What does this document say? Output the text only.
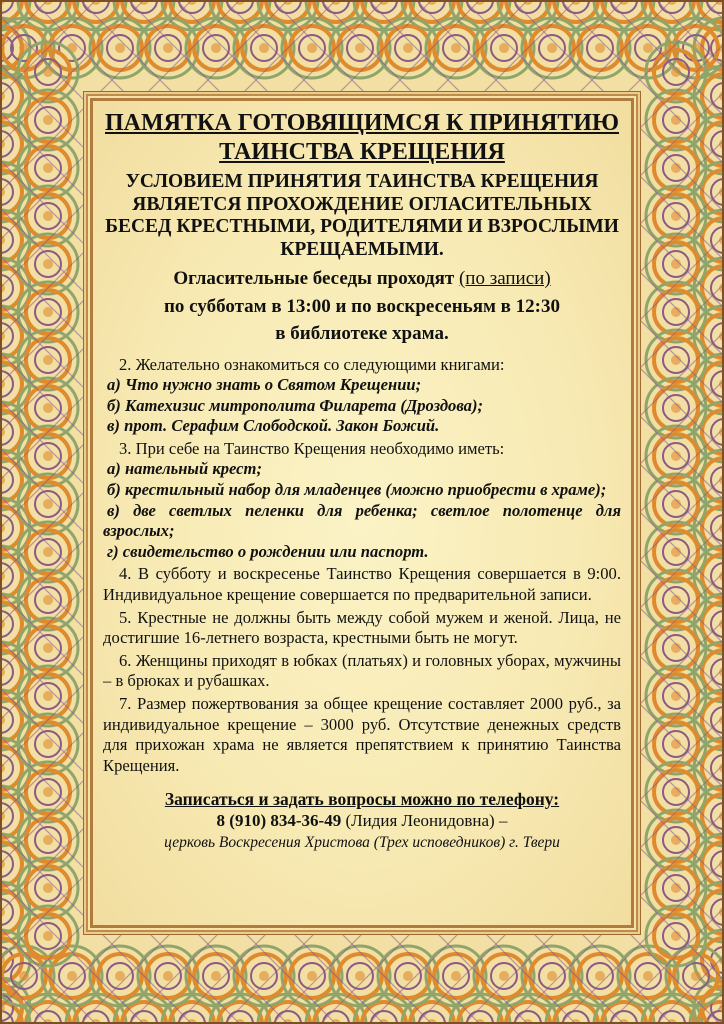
ПАМЯТКА ГОТОВЯЩИМСЯ К ПРИНЯТИЮ

ТАИНСТВА КРЕЩЕНИЯ

УСЛОВИЕМ ПРИНЯТИЯ ТАИНСТВА КРЕЩЕНИЯ
ЯВЛЯЕТСЯ ПРОХОЖДЕНИЕ ОГЛАСИТЕЛЬНЫХ
БЕСЕД КРЕСТНЫМИ, РОДИТЕЛЯМИ И ВЗРОСЛЫМИ
КРЕЩАЕМЫМИ.
Огласительные беседы проходят (по записи)
по субботам в 13:00 и по воскресеньям в 12:30
в библиотеке храма.

2. Желательно ознакомиться со следующими книгами:

а) Что нужно знать о Святом Крещении;

б) Катехизис митрополита Филарета (Дроздова);

в) прот. Серафим Слободской. Закон Божий.

3. При себе на Таинство Крещения необходимо иметь:

а) нательный крест;

б) крестильный набор для младенцев (можно приобрести в храме);

в) две светлых пеленки для ребенка; светлое полотенце для взрослых;

г) свидетельство о рождении или паспорт.

4. В субботу и воскресенье Таинство Крещения совершается в 9:00. Индивидуальное крещение совершается по предварительной записи.

5. Крестные не должны быть между собой мужем и женой. Лица, не достигшие 16-летнего возраста, крестными быть не могут.

6. Женщины приходят в юбках (платьях) и головных уборах, мужчины – в брюках и рубашках.

7. Размер пожертвования за общее крещение составляет 2000 руб., за индивидуальное крещение – 3000 руб. Отсутствие денежных средств для прихожан храма не является препятствием к принятию Таинства Крещения.

Записаться и задать вопросы можно по телефону:
8 (910) 834-36-49 (Лидия Леонидовна) –
церковь Воскресения Христова (Трех исповедников) г. Твери
